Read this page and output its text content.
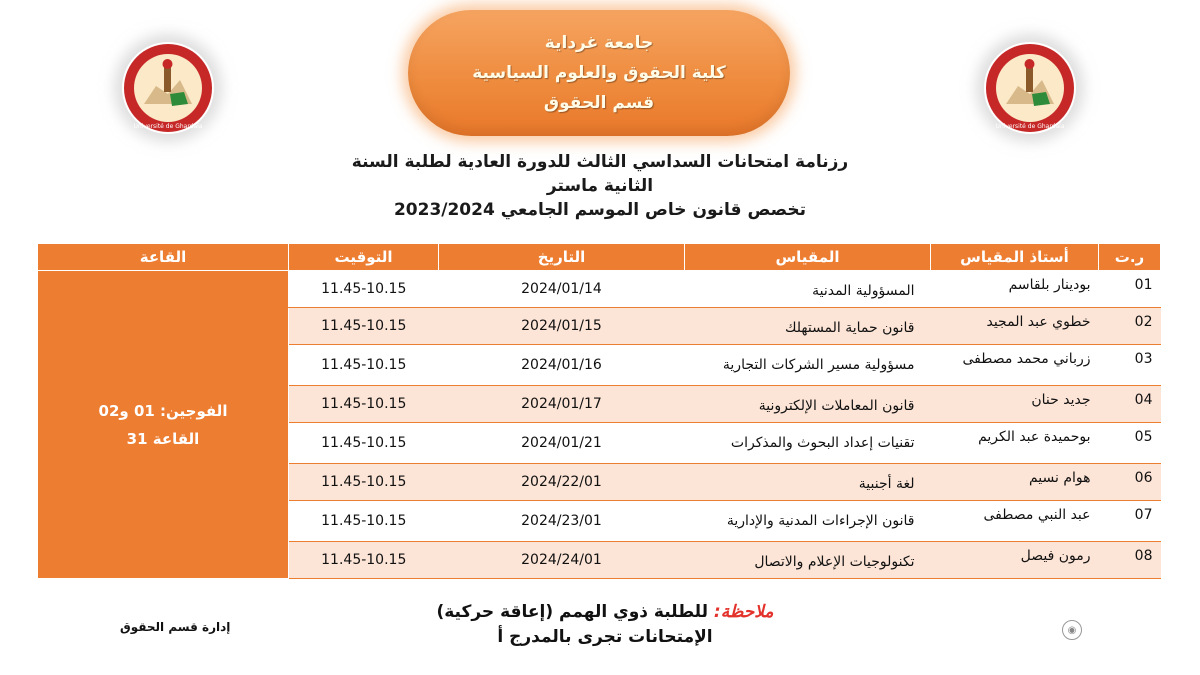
Université de Ghardaïa	Université de Ghardaïa
جامعة غرداية
كلية الحقوق والعلوم السياسية
قسم الحقوق
رزنامة امتحانات السداسي الثالث للدورة العادية لطلبة السنة
الثانية ماستر
تخصص قانون خاص الموسم الجامعي 2023/2024
ر.ت	أستاذ المقياس	المقياس	التاريخ	التوقيت	القاعة
01	بودينار بلقاسم	المسؤولية المدنية	2024/01/14	11.45-10.15	الفوجين: 01 و02
القاعة 31

02	خطوي عبد المجيد	قانون حماية المستهلك	2024/01/15	11.45-10.15	
03	زرباني محمد مصطفى	مسؤولية مسير الشركات التجارية	2024/01/16	11.45-10.15	
04	جديد حنان	قانون المعاملات الإلكترونية	2024/01/17	11.45-10.15	
05	بوحميدة عبد الكريم	تقنيات إعداد البحوث والمذكرات	2024/01/21	11.45-10.15	
06	هوام نسيم	لغة أجنبية	2024/22/01	11.45-10.15	
07	عبد النبي مصطفى	قانون الإجراءات المدنية والإدارية	2024/23/01	11.45-10.15	
08	رمون فيصل	تكنولوجيات الإعلام والاتصال	2024/24/01	11.45-10.15	
ملاحظة: للطلبة ذوي الهمم (إعاقة حركية)
الإمتحانات تجرى بالمدرج أ
إدارة قسم الحقوق	◉
